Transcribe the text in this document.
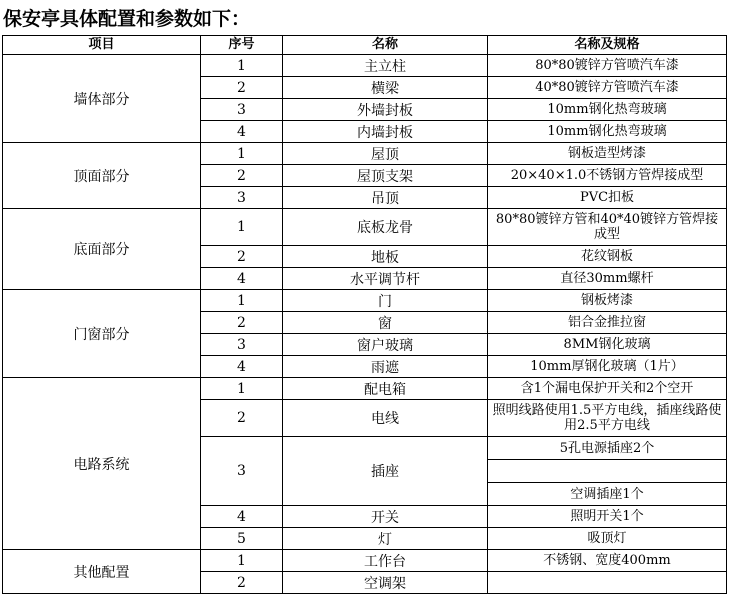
保安亭具体配置和参数如下：
项目	序号	名称	名称及规格
墙体部分	1	主立柱	80*80镀锌方管喷汽车漆
	2	横梁	40*80镀锌方管喷汽车漆
	3	外墙封板	10mm钢化热弯玻璃
	4	内墙封板	10mm钢化热弯玻璃
顶面部分	1	屋顶	钢板造型烤漆
	2	屋顶支架	20×40×1.0不锈钢方管焊接成型
	3	吊顶	PVC扣板
底面部分	1	底板龙骨	80*80镀锌方管和40*40镀锌方管焊接成型
	2	地板	花纹钢板
	4	水平调节杆	直径30mm螺杆
门窗部分	1	门	钢板烤漆
	2	窗	铝合金推拉窗
	3	窗户玻璃	8MM钢化玻璃
	4	雨遮	10mm厚钢化玻璃（1片）
电路系统	1	配电箱	含1个漏电保护开关和2个空开
	2	电线	照明线路使用1.5平方电线，插座线路使用2.5平方电线
	3	插座	5孔电源插座2个

			空调插座1个
	4	开关	照明开关1个
	5	灯	吸顶灯
其他配置	1	工作台	不锈钢、宽度400mm
	2	空调架	
